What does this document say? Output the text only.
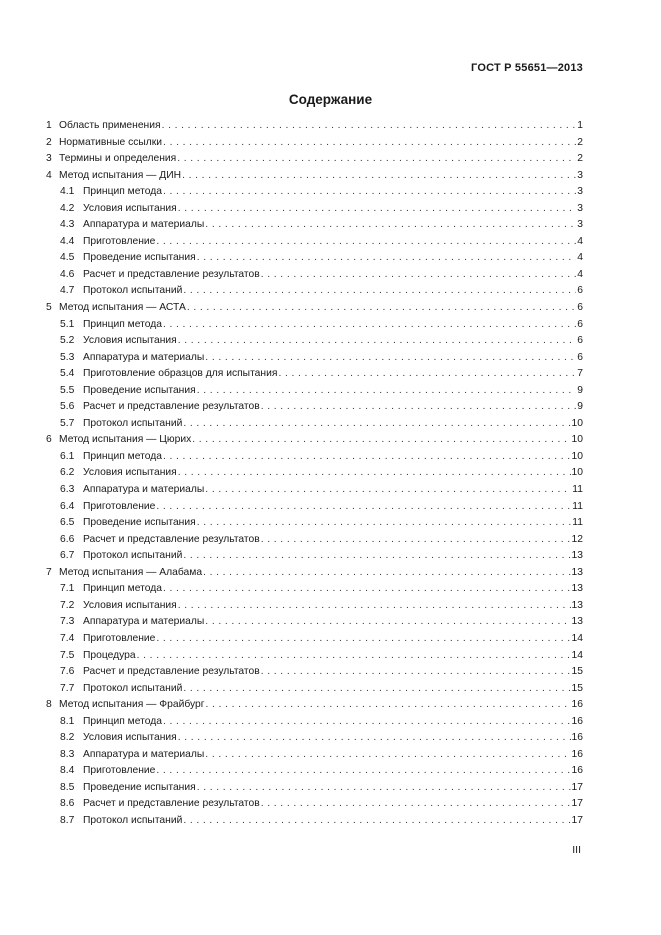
ГОСТ Р 55651—2013
Содержание
1 Область применения . . .	1
2 Нормативные ссылки . . .	2
3 Термины и определения . . .	2
4 Метод испытания — ДИН . . .	3
4.1 Принцип метода . . .	3
4.2 Условия испытания . . .	3
4.3 Аппаратура и материалы . . .	3
4.4 Приготовление . . .	4
4.5 Проведение испытания . . .	4
4.6 Расчет и представление результатов . . .	4
4.7 Протокол испытаний . . .	6
5 Метод испытания — АСТА . . .	6
5.1 Принцип метода . . .	6
5.2 Условия испытания . . .	6
5.3 Аппаратура и материалы . . .	6
5.4 Приготовление образцов для испытания . . .	7
5.5 Проведение испытания . . .	9
5.6 Расчет и представление результатов . . .	9
5.7 Протокол испытаний . . .	10
6 Метод испытания — Цюрих . . .	10
6.1 Принцип метода . . .	10
6.2 Условия испытания . . .	10
6.3 Аппаратура и материалы . . .	11
6.4 Приготовление . . .	11
6.5 Проведение испытания . . .	11
6.6 Расчет и представление результатов . . .	12
6.7 Протокол испытаний . . .	13
7 Метод испытания — Алабама . . .	13
7.1 Принцип метода . . .	13
7.2 Условия испытания . . .	13
7.3 Аппаратура и материалы . . .	13
7.4 Приготовление . . .	14
7.5 Процедура . . .	14
7.6 Расчет и представление результатов . . .	15
7.7 Протокол испытаний . . .	15
8 Метод испытания — Фрайбург . . .	16
8.1 Принцип метода . . .	16
8.2 Условия испытания . . .	16
8.3 Аппаратура и материалы . . .	16
8.4 Приготовление . . .	16
8.5 Проведение испытания . . .	17
8.6 Расчет и представление результатов . . .	17
8.7 Протокол испытаний . . .	17
III
